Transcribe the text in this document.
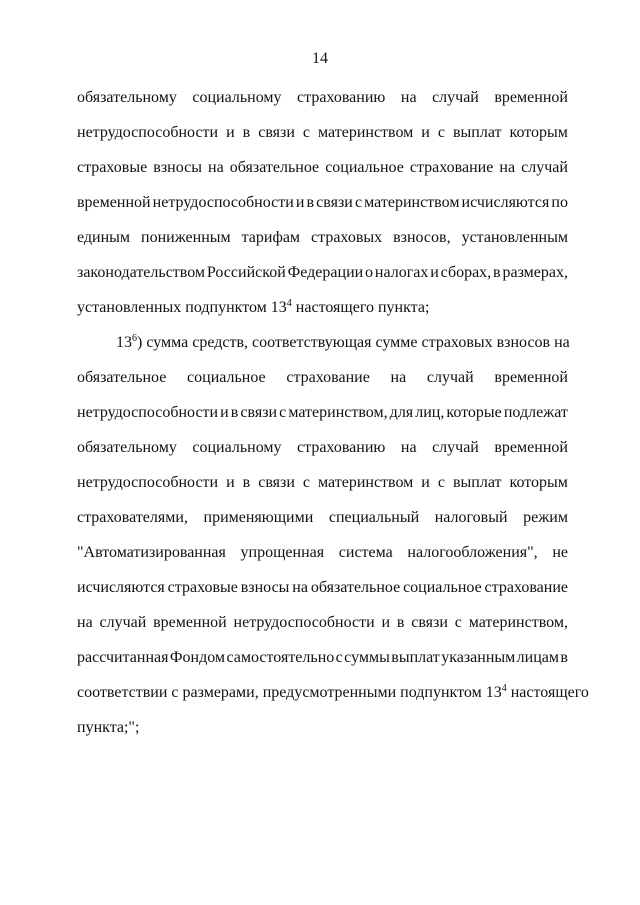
14
обязательному социальному страхованию на случай временной
нетрудоспособности и в связи с материнством и с выплат которым
страховые взносы на обязательное социальное страхование на случай
временной нетрудоспособности и в связи с материнством исчисляются по
единым пониженным тарифам страховых взносов, установленным
законодательством Российской Федерации о налогах и сборах, в размерах,
установленных подпунктом $13^4$ настоящего пункта;
$13^6$) сумма средств, соответствующая сумме страховых взносов на
обязательное социальное страхование на случай временной
нетрудоспособности и в связи с материнством, для лиц, которые подлежат
обязательному социальному страхованию на случай временной
нетрудоспособности и в связи с материнством и с выплат которым
страхователями, применяющими специальный налоговый режим
"Автоматизированная упрощенная система налогообложения", не
исчисляются страховые взносы на обязательное социальное страхование
на случай временной нетрудоспособности и в связи с материнством,
рассчитанная Фондом самостоятельно с суммы выплат указанным лицам в
соответствии с размерами, предусмотренными подпунктом $13^4$ настоящего
пункта;";
